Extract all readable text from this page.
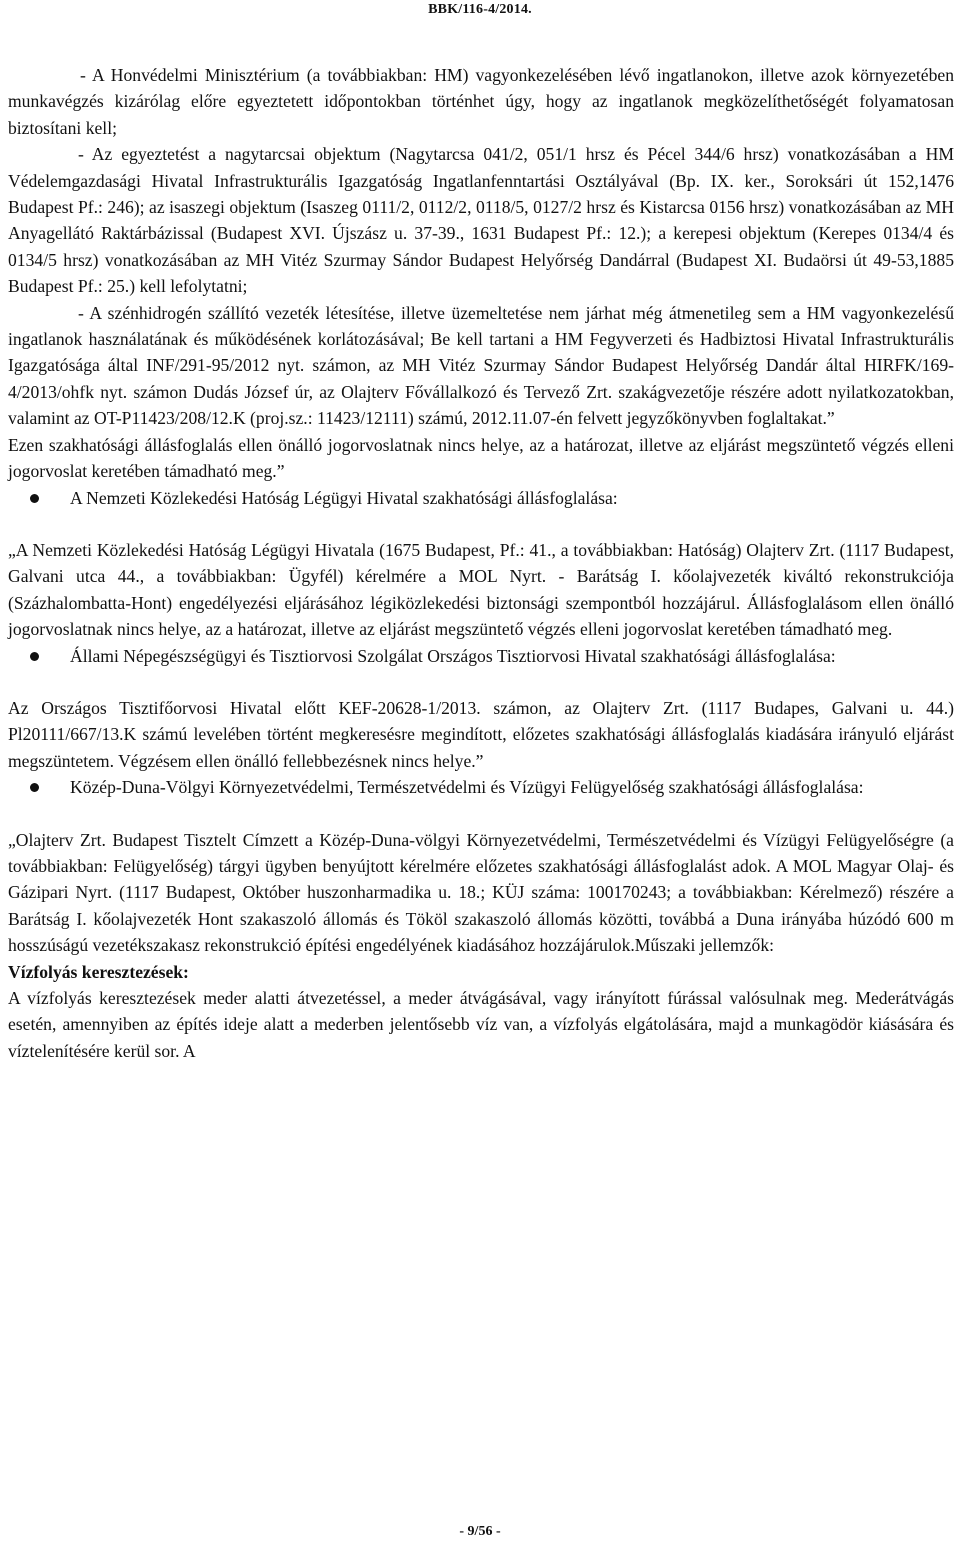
BBK/116-4/2014.

- A Honvédelmi Minisztérium (a továbbiakban: HM) vagyonkezelésében lévő ingatlanokon, illetve azok környezetében munkavégzés kizárólag előre egyeztetett időpontokban történhet úgy, hogy az ingatlanok megközelíthetőségét folyamatosan biztosítani kell;

- Az egyeztetést a nagytarcsai objektum (Nagytarcsa 041/2, 051/1 hrsz és Pécel 344/6 hrsz) vonatkozásában a HM Védelemgazdasági Hivatal Infrastrukturális Igazgatóság Ingatlanfenntartási Osztályával (Bp. IX. ker., Soroksári út 152,1476 Budapest Pf.: 246); az isaszegi objektum (Isaszeg 0111/2, 0112/2, 0118/5, 0127/2 hrsz és Kistarcsa 0156 hrsz) vonatkozásában az MH Anyagellátó Raktárbázissal (Budapest XVI. Újszász u. 37-39., 1631 Budapest Pf.: 12.); a kerepesi objektum (Kerepes 0134/4 és 0134/5 hrsz) vonatkozásában az MH Vitéz Szurmay Sándor Budapest Helyőrség Dandárral (Budapest XI. Budaörsi út 49-53,1885 Budapest Pf.: 25.) kell lefolytatni;

- A szénhidrogén szállító vezeték létesítése, illetve üzemeltetése nem járhat még átmenetileg sem a HM vagyonkezelésű ingatlanok használatának és működésének korlátozásával; Be kell tartani a HM Fegyverzeti és Hadbiztosi Hivatal Infrastrukturális Igazgatósága által INF/291-95/2012 nyt. számon, az MH Vitéz Szurmay Sándor Budapest Helyőrség Dandár által HIRFK/169-4/2013/ohfk nyt. számon Dudás József úr, az Olajterv Fővállalkozó és Tervező Zrt. szakágvezetője részére adott nyilatkozatokban, valamint az OT-P11423/208/12.K (proj.sz.: 11423/12111) számú, 2012.11.07-én felvett jegyzőkönyvben foglaltakat.”

Ezen szakhatósági állásfoglalás ellen önálló jogorvoslatnak nincs helye, az a határozat, illetve az eljárást megszüntető végzés elleni jogorvoslat keretében támadható meg.”

A Nemzeti Közlekedési Hatóság Légügyi Hivatal szakhatósági állásfoglalása:

„A Nemzeti Közlekedési Hatóság Légügyi Hivatala (1675 Budapest, Pf.: 41., a továbbiakban: Hatóság) Olajterv Zrt. (1117 Budapest, Galvani utca 44., a továbbiakban: Ügyfél) kérelmére a MOL Nyrt. - Barátság I. kőolajvezeték kiváltó rekonstrukciója (Százhalombatta-Hont) engedélyezési eljárásához légiközlekedési biztonsági szempontból hozzájárul. Állásfoglalásom ellen önálló jogorvoslatnak nincs helye, az a határozat, illetve az eljárást megszüntető végzés elleni jogorvoslat keretében támadható meg.

Állami Népegészségügyi és Tisztiorvosi Szolgálat Országos Tisztiorvosi Hivatal szakhatósági állásfoglalása:

Az Országos Tisztifőorvosi Hivatal előtt KEF-20628-1/2013. számon, az Olajterv Zrt. (1117 Budapes, Galvani u. 44.) Pl20111/667/13.K számú levelében történt megkeresésre megindított, előzetes szakhatósági állásfoglalás kiadására irányuló eljárást megszüntetem. Végzésem ellen önálló fellebbezésnek nincs helye.”

Közép-Duna-Völgyi Környezetvédelmi, Természetvédelmi és Vízügyi Felügyelőség szakhatósági állásfoglalása:

„Olajterv Zrt. Budapest Tisztelt Címzett a Közép-Duna-völgyi Környezetvédelmi, Természetvédelmi és Vízügyi Felügyelőségre (a továbbiakban: Felügyelőség) tárgyi ügyben benyújtott kérelmére előzetes szakhatósági állásfoglalást adok. A MOL Magyar Olaj- és Gázipari Nyrt. (1117 Budapest, Október huszonharmadika u. 18.; KÜJ száma: 100170243; a továbbiakban: Kérelmező) részére a Barátság I. kőolajvezeték Hont szakaszoló állomás és Tököl szakaszoló állomás közötti, továbbá a Duna irányába húzódó 600 m hosszúságú vezetékszakasz rekonstrukció építési engedélyének kiadásához hozzájárulok.Műszaki jellemzők:

Vízfolyás keresztezések:

A vízfolyás keresztezések meder alatti átvezetéssel, a meder átvágásával, vagy irányított fúrással valósulnak meg. Mederátvágás esetén, amennyiben az építés ideje alatt a mederben jelentősebb víz van, a vízfolyás elgátolására, majd a munkagödör kiásására és víztelenítésére kerül sor. A

- 9/56 -
